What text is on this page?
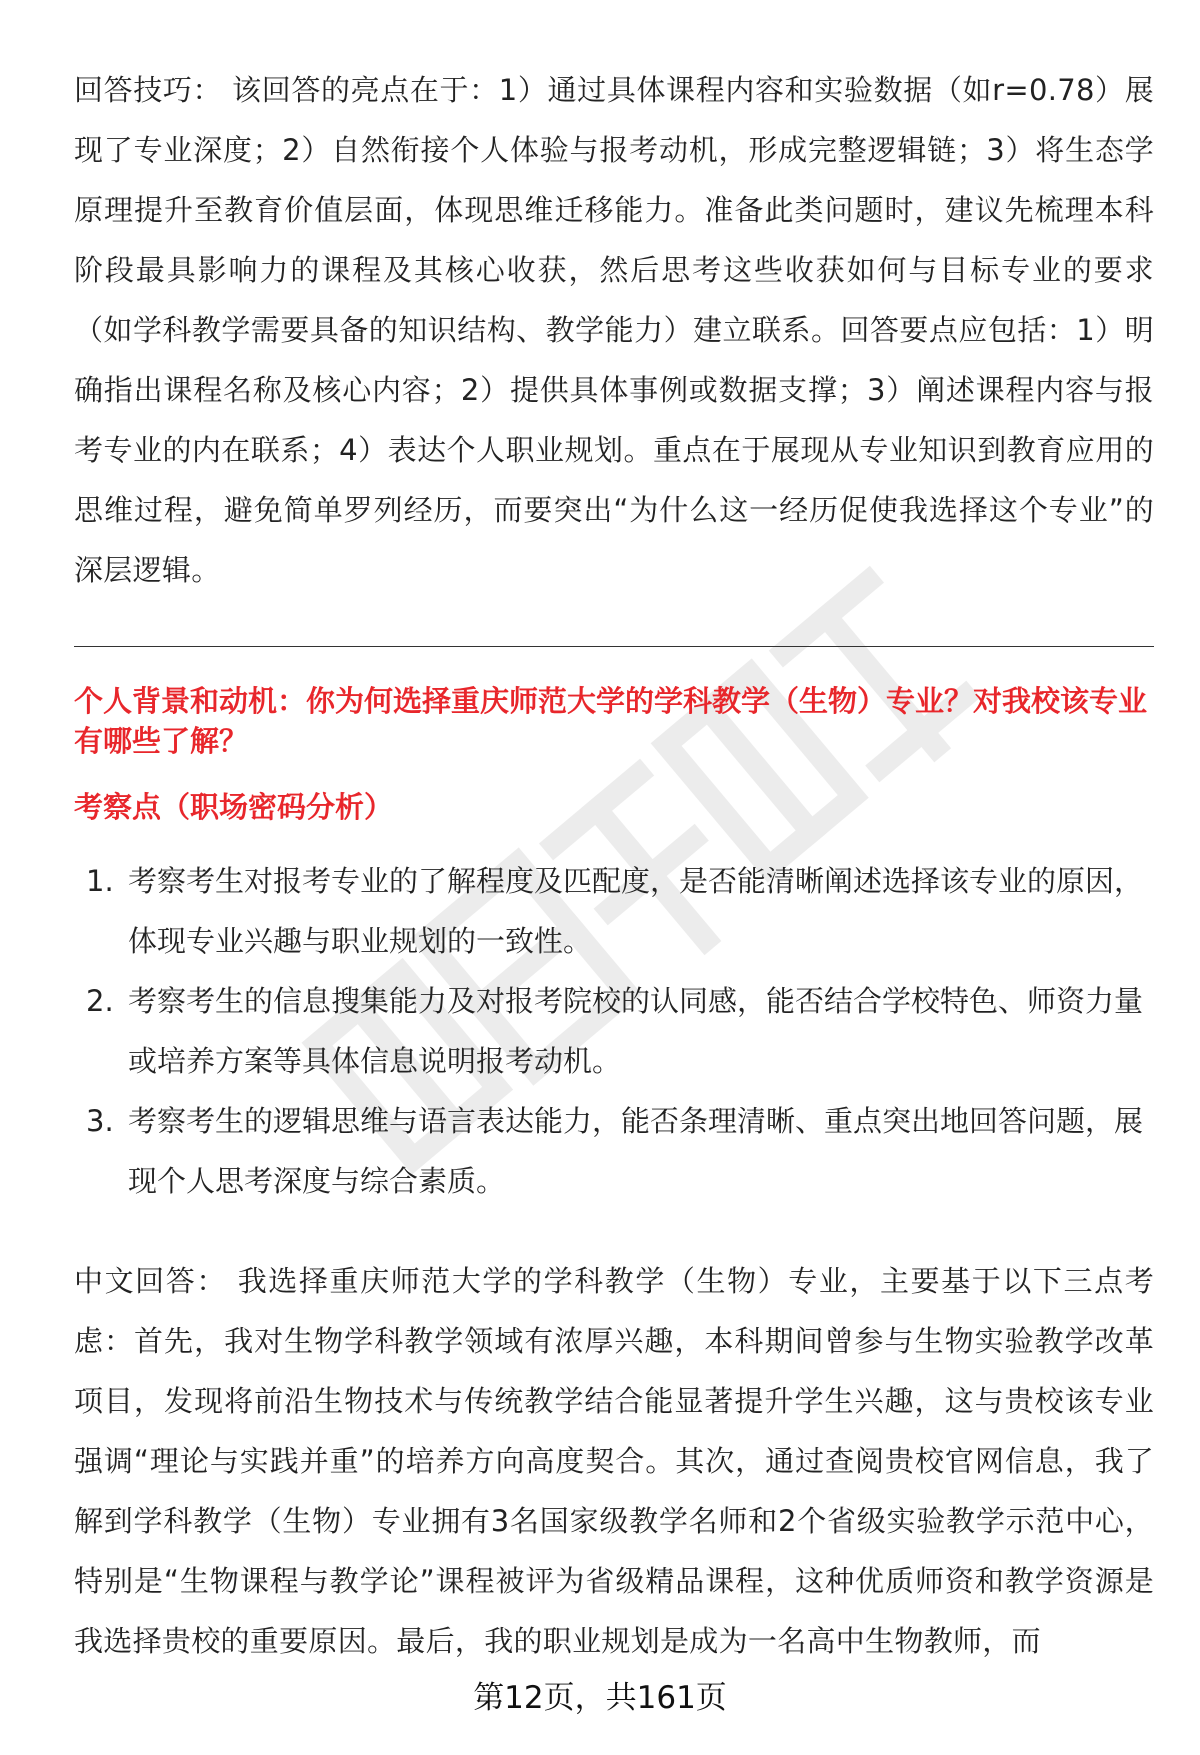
回答技巧： 该回答的亮点在于：1）通过具体课程内容和实验数据（如r=0.78）展现了专业深度；2）自然衔接个人体验与报考动机，形成完整逻辑链；3）将生态学原理提升至教育价值层面，体现思维迁移能力。准备此类问题时，建议先梳理本科阶段最具影响力的课程及其核心收获，然后思考这些收获如何与目标专业的要求（如学科教学需要具备的知识结构、教学能力）建立联系。回答要点应包括：1）明确指出课程名称及核心内容；2）提供具体事例或数据支撑；3）阐述课程内容与报考专业的内在联系；4）表达个人职业规划。重点在于展现从专业知识到教育应用的思维过程，避免简单罗列经历，而要突出“为什么这一经历促使我选择这个专业”的深层逻辑。

个人背景和动机：你为何选择重庆师范大学的学科教学（生物）专业？对我校该专业有哪些了解？

考察点（职场密码分析）

1. 考察考生对报考专业的了解程度及匹配度，是否能清晰阐述选择该专业的原因，体现专业兴趣与职业规划的一致性。
2. 考察考生的信息搜集能力及对报考院校的认同感，能否结合学校特色、师资力量或培养方案等具体信息说明报考动机。
3. 考察考生的逻辑思维与语言表达能力，能否条理清晰、重点突出地回答问题，展现个人思考深度与综合素质。

中文回答： 我选择重庆师范大学的学科教学（生物）专业，主要基于以下三点考虑：首先，我对生物学科教学领域有浓厚兴趣，本科期间曾参与生物实验教学改革项目，发现将前沿生物技术与传统教学结合能显著提升学生兴趣，这与贵校该专业强调“理论与实践并重”的培养方向高度契合。其次，通过查阅贵校官网信息，我了解到学科教学（生物）专业拥有3名国家级教学名师和2个省级实验教学示范中心，特别是“生物课程与教学论”课程被评为省级精品课程，这种优质师资和教学资源是我选择贵校的重要原因。最后，我的职业规划是成为一名高中生物教师，而

第12页，共161页
